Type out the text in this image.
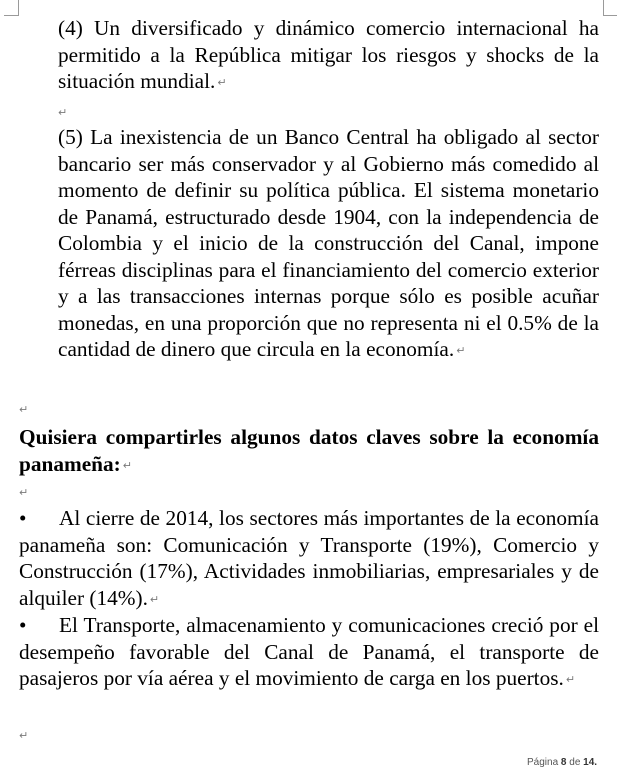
(4) Un diversificado y dinámico comercio internacional ha permitido a la República mitigar los riesgos y shocks de la situación mundial. ↵
↵
(5) La inexistencia de un Banco Central ha obligado al sector bancario ser más conservador y al Gobierno más comedido al momento de definir su política pública. El sistema monetario de Panamá, estructurado desde 1904, con la independencia de Colombia y el inicio de la construcción del Canal, impone férreas disciplinas para el financiamiento del comercio exterior y a las transacciones internas porque sólo es posible acuñar monedas, en una proporción que no representa ni el 0.5% de la cantidad de dinero que circula en la economía. ↵
↵
Quisiera compartirles algunos datos claves sobre la economía panameña: ↵
↵
• Al cierre de 2014, los sectores más importantes de la economía panameña son: Comunicación y Transporte (19%), Comercio y Construcción (17%), Actividades inmobiliarias, empresariales y de alquiler (14%). ↵
• El Transporte, almacenamiento y comunicaciones creció por el desempeño favorable del Canal de Panamá, el transporte de pasajeros por vía aérea y el movimiento de carga en los puertos. ↵
↵
Página 8 de 14.
